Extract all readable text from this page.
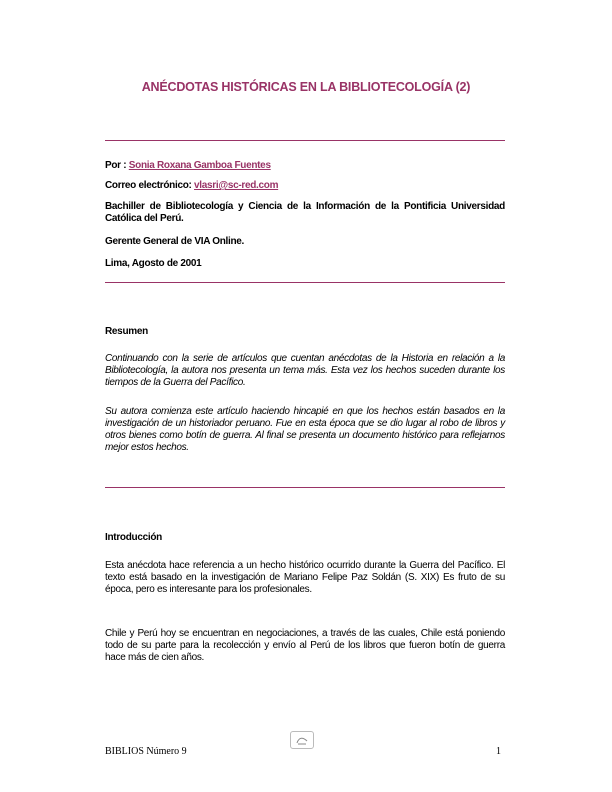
ANÉCDOTAS HISTÓRICAS EN LA BIBLIOTECOLOGÍA (2)
Por : Sonia Roxana Gamboa Fuentes
Correo electrónico: vlasri@sc-red.com
Bachiller de Bibliotecología y Ciencia de la Información de la Pontificia Universidad Católica del Perú.
Gerente General de VIA Online.
Lima, Agosto de 2001
Resumen
Continuando con la serie de artículos que cuentan anécdotas de la Historia en relación a la Bibliotecología, la autora nos presenta un tema más. Esta vez los hechos suceden durante los tiempos de la Guerra del Pacífico.
Su autora comienza este artículo haciendo hincapié en que los hechos están basados en la investigación de un historiador peruano. Fue en esta época que se dio lugar al robo de libros y otros bienes como botín de guerra. Al final se presenta un documento histórico para reflejarnos mejor estos hechos.
Introducción
Esta anécdota hace referencia a un hecho histórico ocurrido durante la Guerra del Pacífico. El texto está basado en la investigación de Mariano Felipe Paz Soldán (S. XIX) Es fruto de su época, pero es interesante para los profesionales.
Chile y Perú hoy se encuentran en negociaciones, a través de las cuales, Chile está poniendo todo de su parte para la recolección y envío al Perú de los libros que fueron botín de guerra hace más de cien años.
BIBLIOS Número 9	1
